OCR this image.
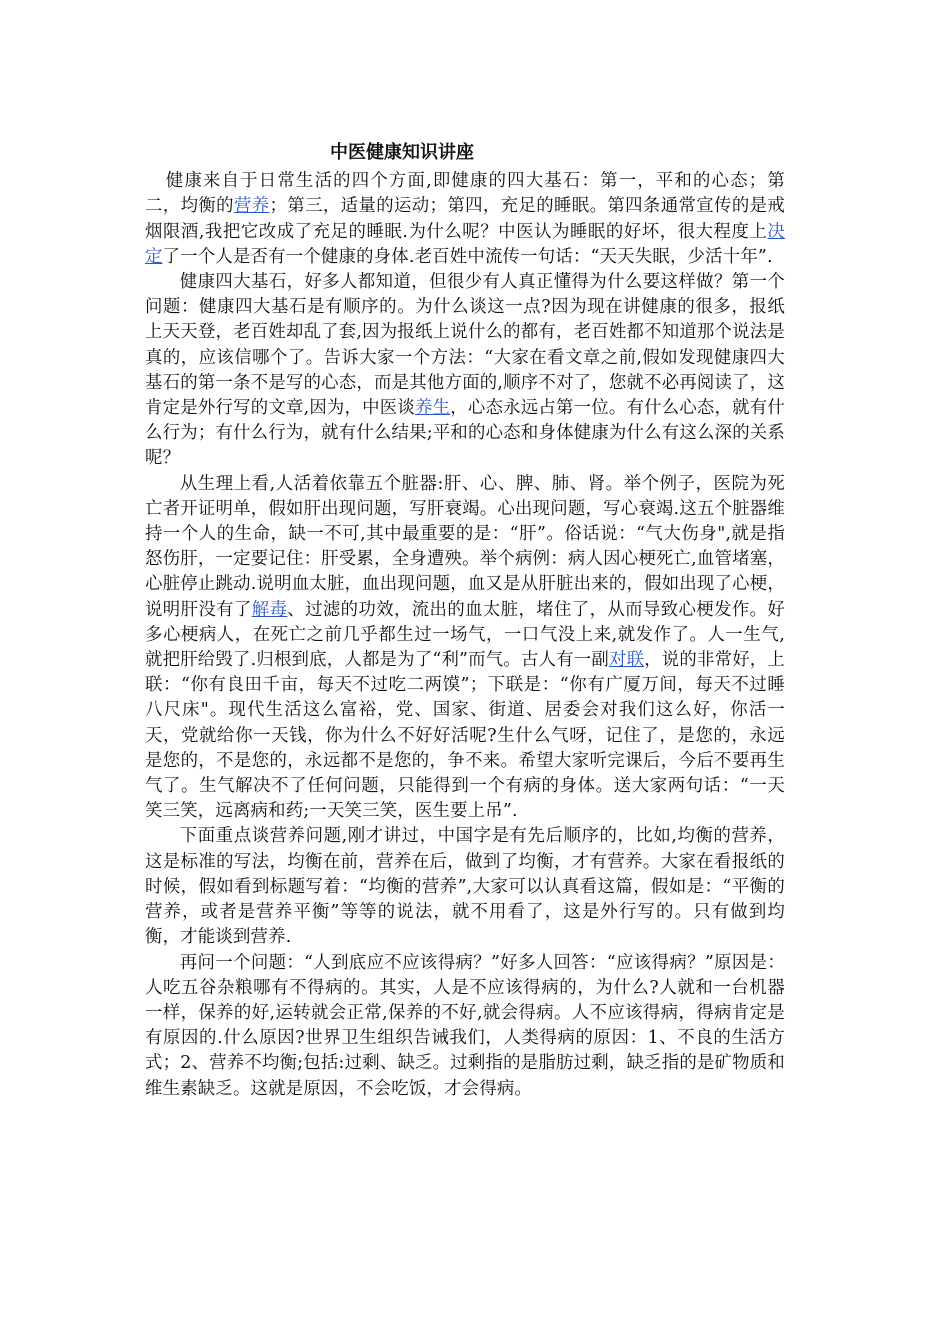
中医健康知识讲座

健康来自于日常生活的四个方面,即健康的四大基石：第一，平和的心态；第二，均衡的营养；第三，适量的运动；第四，充足的睡眠。第四条通常宣传的是戒烟限酒,我把它改成了充足的睡眠.为什么呢？中医认为睡眠的好坏，很大程度上决定了一个人是否有一个健康的身体.老百姓中流传一句话：“天天失眠，少活十年”.

健康四大基石，好多人都知道，但很少有人真正懂得为什么要这样做？第一个问题：健康四大基石是有顺序的。为什么谈这一点?因为现在讲健康的很多，报纸上天天登，老百姓却乱了套,因为报纸上说什么的都有，老百姓都不知道那个说法是真的，应该信哪个了。告诉大家一个方法：“大家在看文章之前,假如发现健康四大基石的第一条不是写的心态，而是其他方面的,顺序不对了，您就不必再阅读了，这肯定是外行写的文章,因为，中医谈养生，心态永远占第一位。有什么心态，就有什么行为；有什么行为，就有什么结果;平和的心态和身体健康为什么有这么深的关系呢？

从生理上看,人活着依靠五个脏器:肝、心、脾、肺、肾。举个例子，医院为死亡者开证明单，假如肝出现问题，写肝衰竭。心出现问题，写心衰竭.这五个脏器维持一个人的生命，缺一不可,其中最重要的是：“肝”。俗话说：“气大伤身",就是指怒伤肝，一定要记住：肝受累，全身遭殃。举个病例：病人因心梗死亡,血管堵塞，心脏停止跳动.说明血太脏，血出现问题，血又是从肝脏出来的，假如出现了心梗，说明肝没有了解毒、过滤的功效，流出的血太脏，堵住了，从而导致心梗发作。好多心梗病人，在死亡之前几乎都生过一场气，一口气没上来,就发作了。人一生气,就把肝给毁了.归根到底，人都是为了“利”而气。古人有一副对联，说的非常好，上联：“你有良田千亩，每天不过吃二两馍”；下联是：“你有广厦万间，每天不过睡八尺床"。现代生活这么富裕，党、国家、街道、居委会对我们这么好，你活一天，党就给你一天钱，你为什么不好好活呢?生什么气呀，记住了，是您的，永远是您的，不是您的，永远都不是您的，争不来。希望大家听完课后，今后不要再生气了。生气解决不了任何问题，只能得到一个有病的身体。送大家两句话：“一天笑三笑，远离病和药;一天笑三笑，医生要上吊”.

下面重点谈营养问题,刚才讲过，中国字是有先后顺序的，比如,均衡的营养，这是标准的写法，均衡在前，营养在后，做到了均衡，才有营养。大家在看报纸的时候，假如看到标题写着：“均衡的营养”,大家可以认真看这篇，假如是：“平衡的营养，或者是营养平衡”等等的说法，就不用看了，这是外行写的。只有做到均衡，才能谈到营养.

再问一个问题：“人到底应不应该得病？”好多人回答：“应该得病？”原因是：人吃五谷杂粮哪有不得病的。其实，人是不应该得病的，为什么?人就和一台机器一样，保养的好,运转就会正常,保养的不好,就会得病。人不应该得病，得病肯定是有原因的.什么原因?世界卫生组织告诫我们，人类得病的原因：1、不良的生活方式；2、营养不均衡;包括:过剩、缺乏。过剩指的是脂肪过剩，缺乏指的是矿物质和维生素缺乏。这就是原因，不会吃饭，才会得病。
